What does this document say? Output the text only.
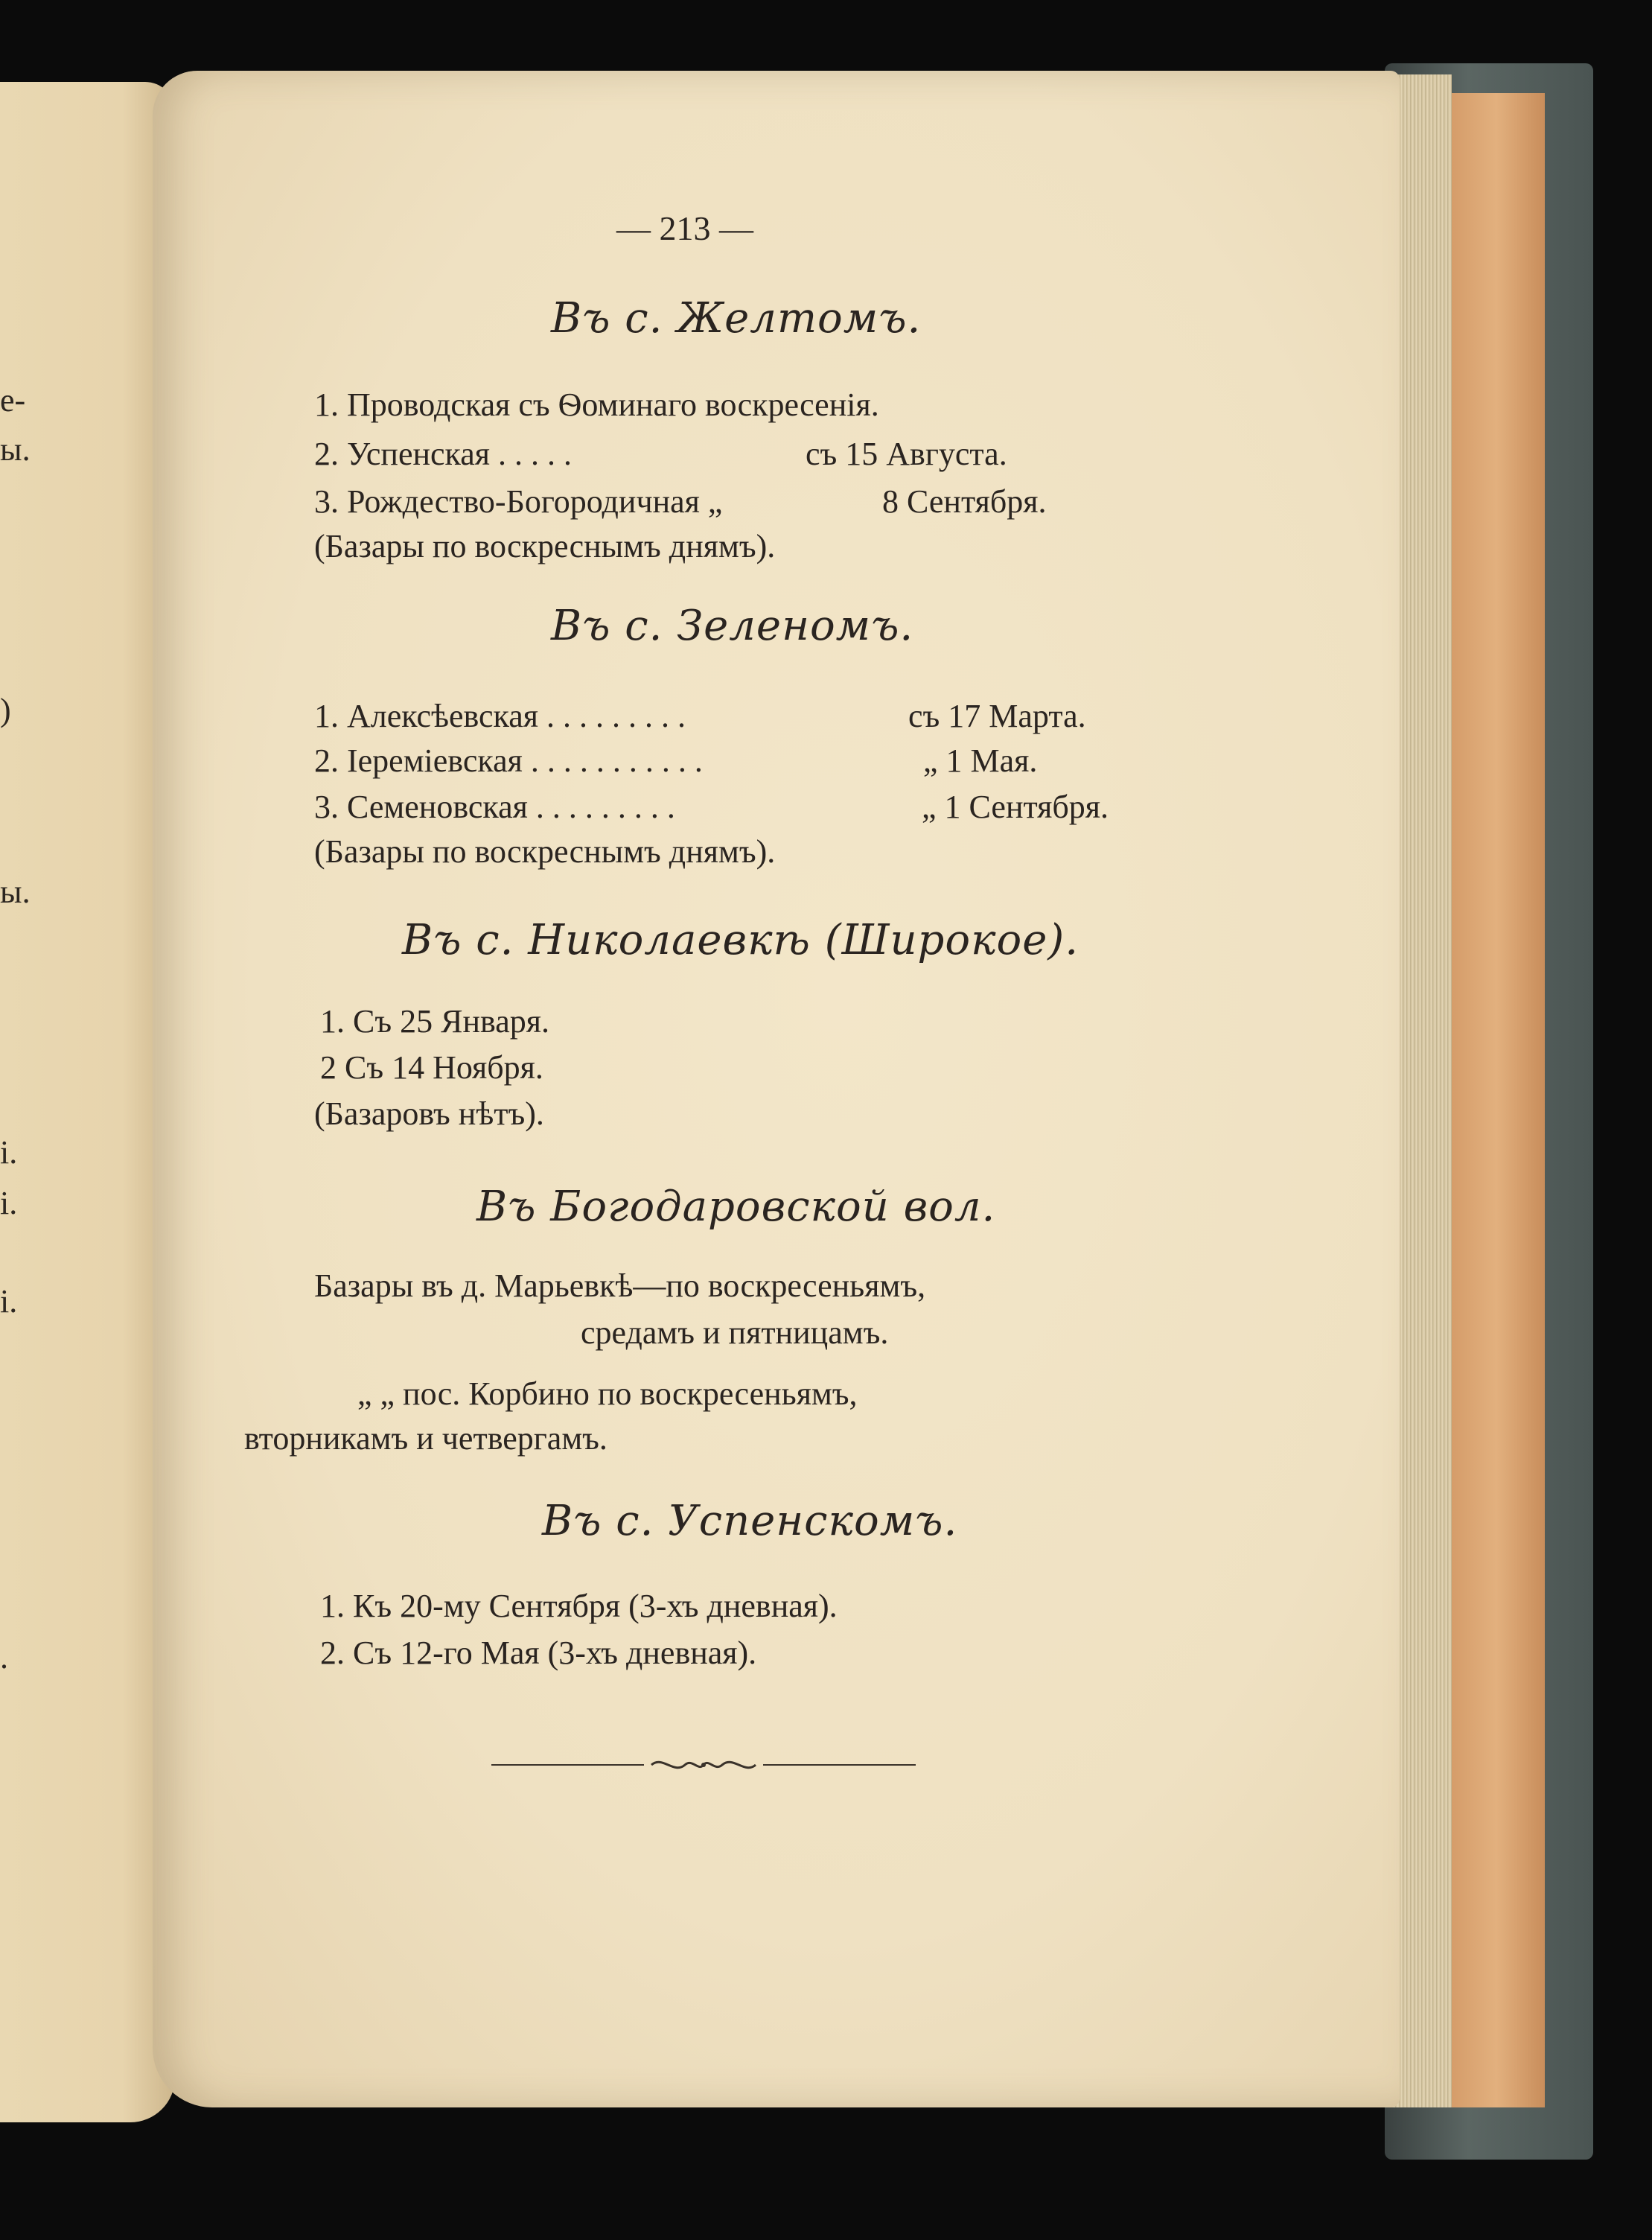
е-
ы.
)
ы.
і.
і.
і.
.
— 213 —
Въ с. Желтомъ.
1. Проводская съ Ѳоминаго воскресенія.
2. Успенская . . . . .	съ 15 Августа.
3. Рождество-Богородичная „	8 Сентября.
(Базары по воскреснымъ днямъ).
Въ с. Зеленомъ.
1. Алексѣевская . . . . . . . . .	съ 17 Марта.
2. Іереміевская . . . . . . . . . . .	„ 1 Мая.
3. Семеновская . . . . . . . . .	„ 1 Сентября.
(Базары по воскреснымъ днямъ).
Въ с. Николаевкѣ (Широкое).
1. Съ 25 Января.
2 Съ 14 Ноября.
(Базаровъ нѣтъ).
Въ Богодаровской вол.
Базары въ д. Марьевкѣ—по воскресеньямъ,
средамъ и пятницамъ.
„ „ пос. Корбино по воскресеньямъ,
вторникамъ и четвергамъ.
Въ с. Успенскомъ.
1. Къ 20-му Сентября (3-хъ дневная).
2. Съ 12-го Мая (3-хъ дневная).
